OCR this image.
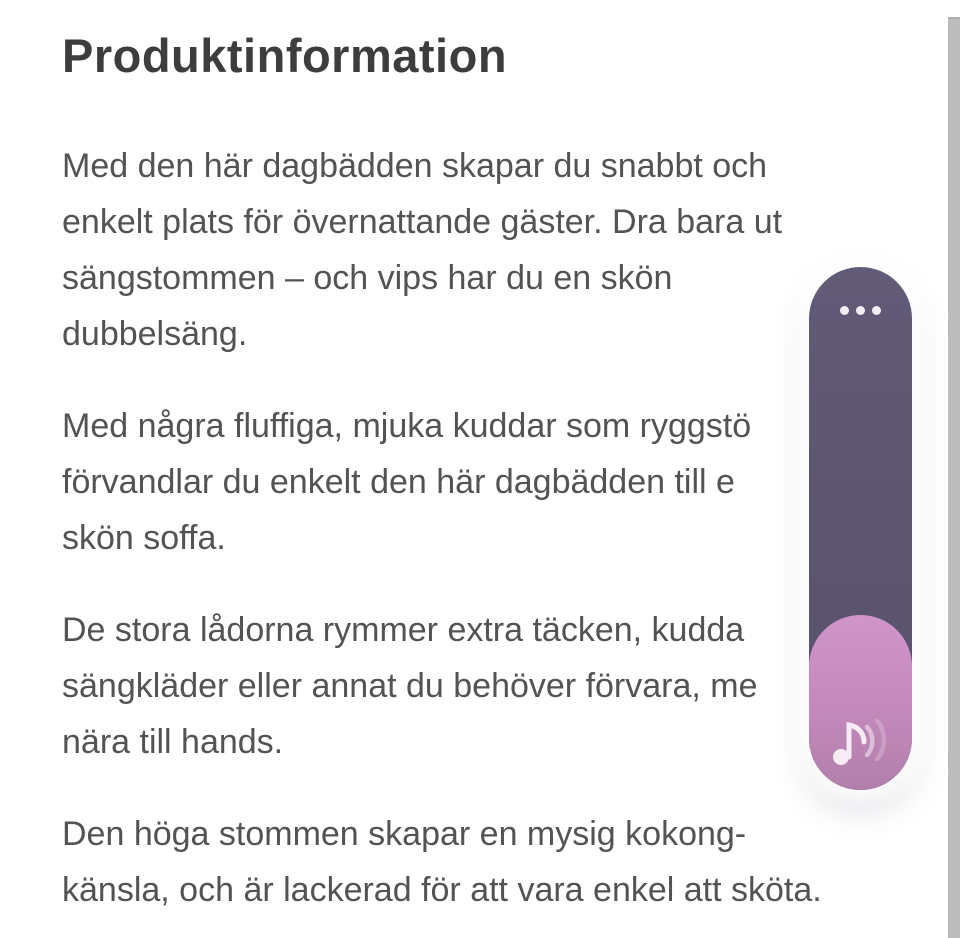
Produktinformation
Med den här dagbädden skapar du snabbt och
enkelt plats för övernattande gäster. Dra bara ut
sängstommen – och vips har du en skön
dubbelsäng.
Med några fluffiga, mjuka kuddar som ryggstö
förvandlar du enkelt den här dagbädden till e
skön soffa.
De stora lådorna rymmer extra täcken, kudda
sängkläder eller annat du behöver förvara, me
nära till hands.
Den höga stommen skapar en mysig kokong-
känsla, och är lackerad för att vara enkel att sköta.
